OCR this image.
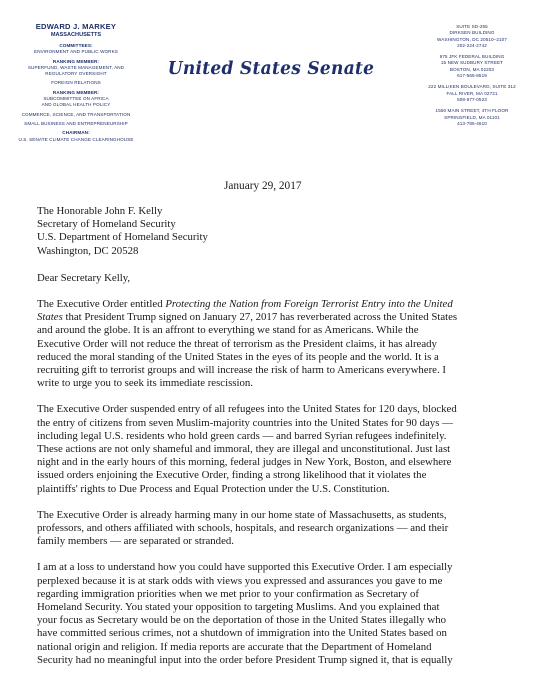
EDWARD J. MARKEY
MASSACHUSETTS
COMMITTEES:
ENVIRONMENT AND PUBLIC WORKS
RANKING MEMBER:
SUPERFUND, WASTE MANAGEMENT, AND
REGULATORY OVERSIGHT
FOREIGN RELATIONS
RANKING MEMBER:
SUBCOMMITTEE ON AFRICA
AND GLOBAL HEALTH POLICY
COMMERCE, SCIENCE, AND TRANSPORTATION
SMALL BUSINESS AND ENTREPRENEURSHIP
CHAIRMAN:
U.S. SENATE CLIMATE CHANGE CLEARINGHOUSE
United States Senate
SUITE SD-255
DIRKSEN BUILDING
WASHINGTON, DC 20510–2107
202-224-2742
975 JFK FEDERAL BUILDING
15 NEW SUDBURY STREET
BOSTON, MA 02203
617-565-8519
222 MILLIKEN BOULEVARD, SUITE 312
FALL RIVER, MA 02721
508-677-0523
1550 MAIN STREET, 4TH FLOOR
SPRINGFIELD, MA 01101
413-785-4610
January 29, 2017
The Honorable John F. Kelly
Secretary of Homeland Security
U.S. Department of Homeland Security
Washington, DC 20528
Dear Secretary Kelly,
The Executive Order entitled Protecting the Nation from Foreign Terrorist Entry into the United
States that President Trump signed on January 27, 2017 has reverberated across the United States
and around the globe. It is an affront to everything we stand for as Americans. While the
Executive Order will not reduce the threat of terrorism as the President claims, it has already
reduced the moral standing of the United States in the eyes of its people and the world. It is a
recruiting gift to terrorist groups and will increase the risk of harm to Americans everywhere. I
write to urge you to seek its immediate rescission.
The Executive Order suspended entry of all refugees into the United States for 120 days, blocked
the entry of citizens from seven Muslim-majority countries into the United States for 90 days —
including legal U.S. residents who hold green cards — and barred Syrian refugees indefinitely.
These actions are not only shameful and immoral, they are illegal and unconstitutional. Just last
night and in the early hours of this morning, federal judges in New York, Boston, and elsewhere
issued orders enjoining the Executive Order, finding a strong likelihood that it violates the
plaintiffs' rights to Due Process and Equal Protection under the U.S. Constitution.
The Executive Order is already harming many in our home state of Massachusetts, as students,
professors, and others affiliated with schools, hospitals, and research organizations — and their
family members — are separated or stranded.
I am at a loss to understand how you could have supported this Executive Order. I am especially
perplexed because it is at stark odds with views you expressed and assurances you gave to me
regarding immigration priorities when we met prior to your confirmation as Secretary of
Homeland Security. You stated your opposition to targeting Muslims. And you explained that
your focus as Secretary would be on the deportation of those in the United States illegally who
have committed serious crimes, not a shutdown of immigration into the United States based on
national origin and religion. If media reports are accurate that the Department of Homeland
Security had no meaningful input into the order before President Trump signed it, that is equally
